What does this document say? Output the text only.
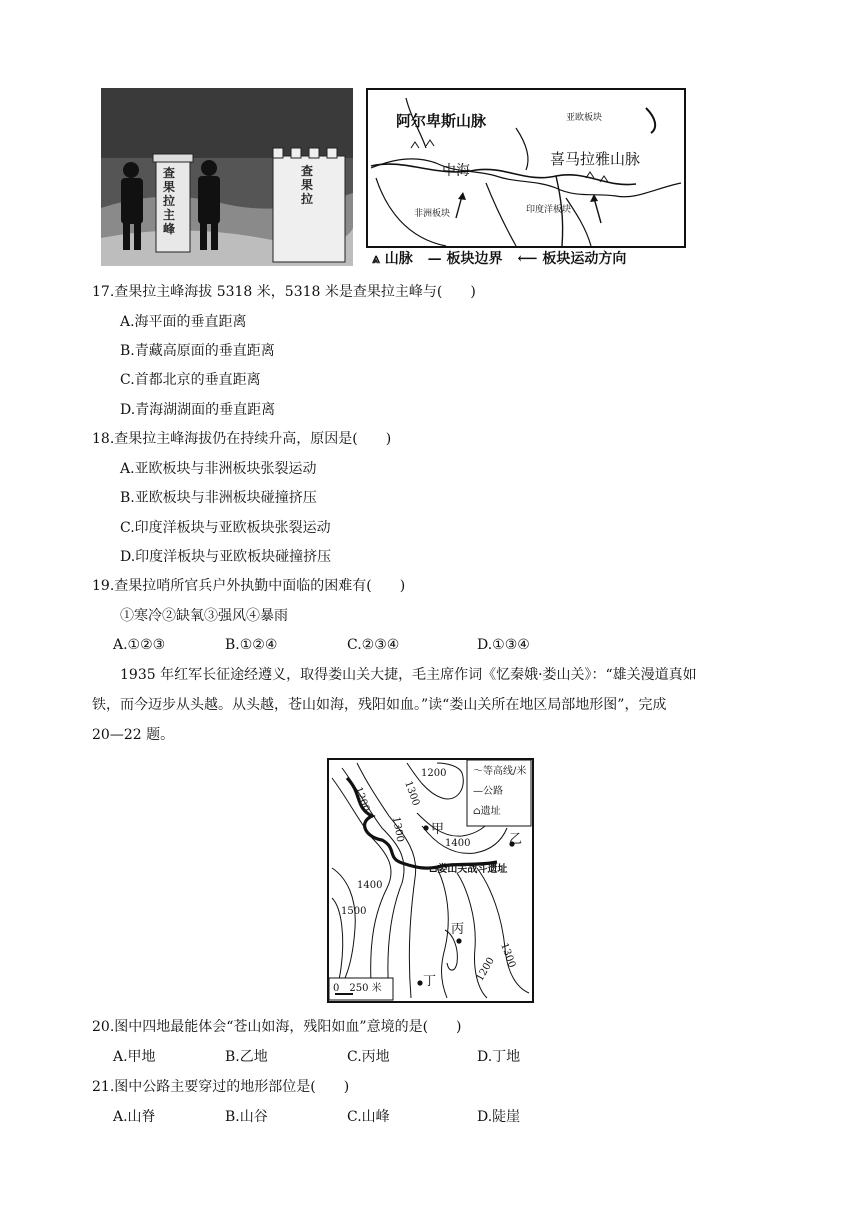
查果拉主峰
查果拉
阿尔卑斯山脉	亚欧板块
喜马拉雅山脉
中海
非洲板块	印度洋板块
⩓ 山脉 — 板块边界 ⟵ 板块运动方向
17.查果拉主峰海拔 5318 米，5318 米是查果拉主峰与(　　)
A.海平面的垂直距离
B.青藏高原面的垂直距离
C.首都北京的垂直距离
D.青海湖湖面的垂直距离
18.查果拉主峰海拔仍在持续升高，原因是(　　)
A.亚欧板块与非洲板块张裂运动
B.亚欧板块与非洲板块碰撞挤压
C.印度洋板块与亚欧板块张裂运动
D.印度洋板块与亚欧板块碰撞挤压
19.查果拉哨所官兵户外执勤中面临的困难有(　　)
①寒冷②缺氧③强风④暴雨
A.①②③	B.①②④	C.②③④	D.①③④
1935 年红军长征途经遵义，取得娄山关大捷，毛主席作词《忆秦娥·娄山关》：“雄关漫道真如
铁，而今迈步从头越。从头越，苍山如海，残阳如血。”读“娄山关所在地区局部地形图”，完成
20—22 题。
〜等高线/米
—公路
⌂遗址
1200
1300
1200
1300
1400
1400
1500
1300
1200
甲
乙
丙
丁
⌂娄山关战斗遗址
0　250 米
20.图中四地最能体会“苍山如海，残阳如血”意境的是(　　)
A.甲地	B.乙地	C.丙地	D.丁地
21.图中公路主要穿过的地形部位是(　　)
A.山脊	B.山谷	C.山峰	D.陡崖
